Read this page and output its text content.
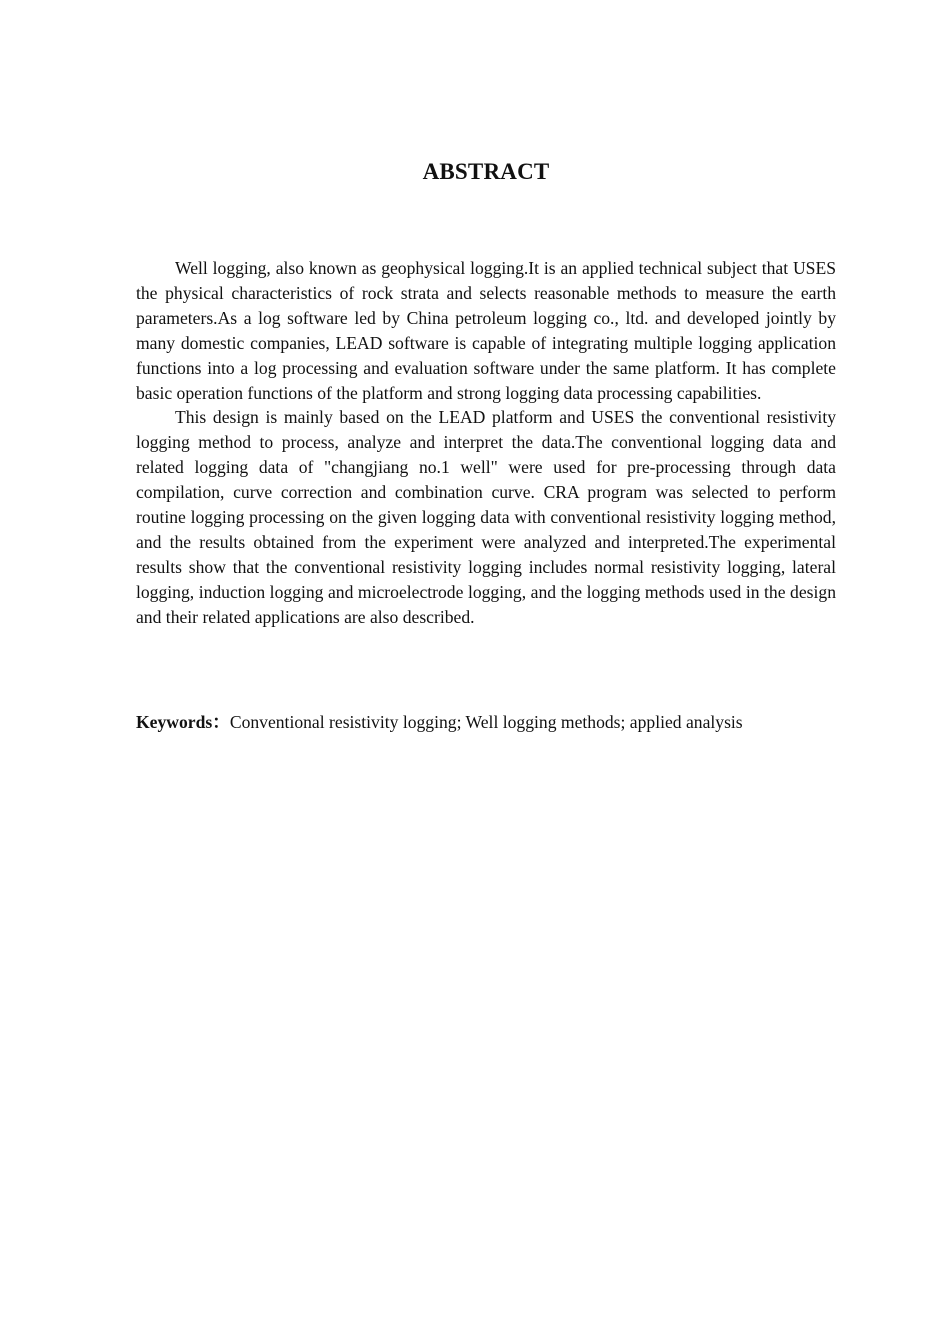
ABSTRACT

Well logging, also known as geophysical logging.It is an applied technical subject that USES the physical characteristics of rock strata and selects reasonable methods to measure the earth parameters.As a log software led by China petroleum logging co., ltd. and developed jointly by many domestic companies, LEAD software is capable of integrating multiple logging application functions into a log processing and evaluation software under the same platform. It has complete basic operation functions of the platform and strong logging data processing capabilities.

This design is mainly based on the LEAD platform and USES the conventional resistivity logging method to process, analyze and interpret the data.The conventional logging data and related logging data of "changjiang no.1 well" were used for pre-processing through data compilation, curve correction and combination curve. CRA program was selected to perform routine logging processing on the given logging data with conventional resistivity logging method, and the results obtained from the experiment were analyzed and interpreted.The experimental results show that the conventional resistivity logging includes normal resistivity logging, lateral logging, induction logging and microelectrode logging, and the logging methods used in the design and their related applications are also described.

Keywords：Conventional resistivity logging; Well logging methods; applied analysis
